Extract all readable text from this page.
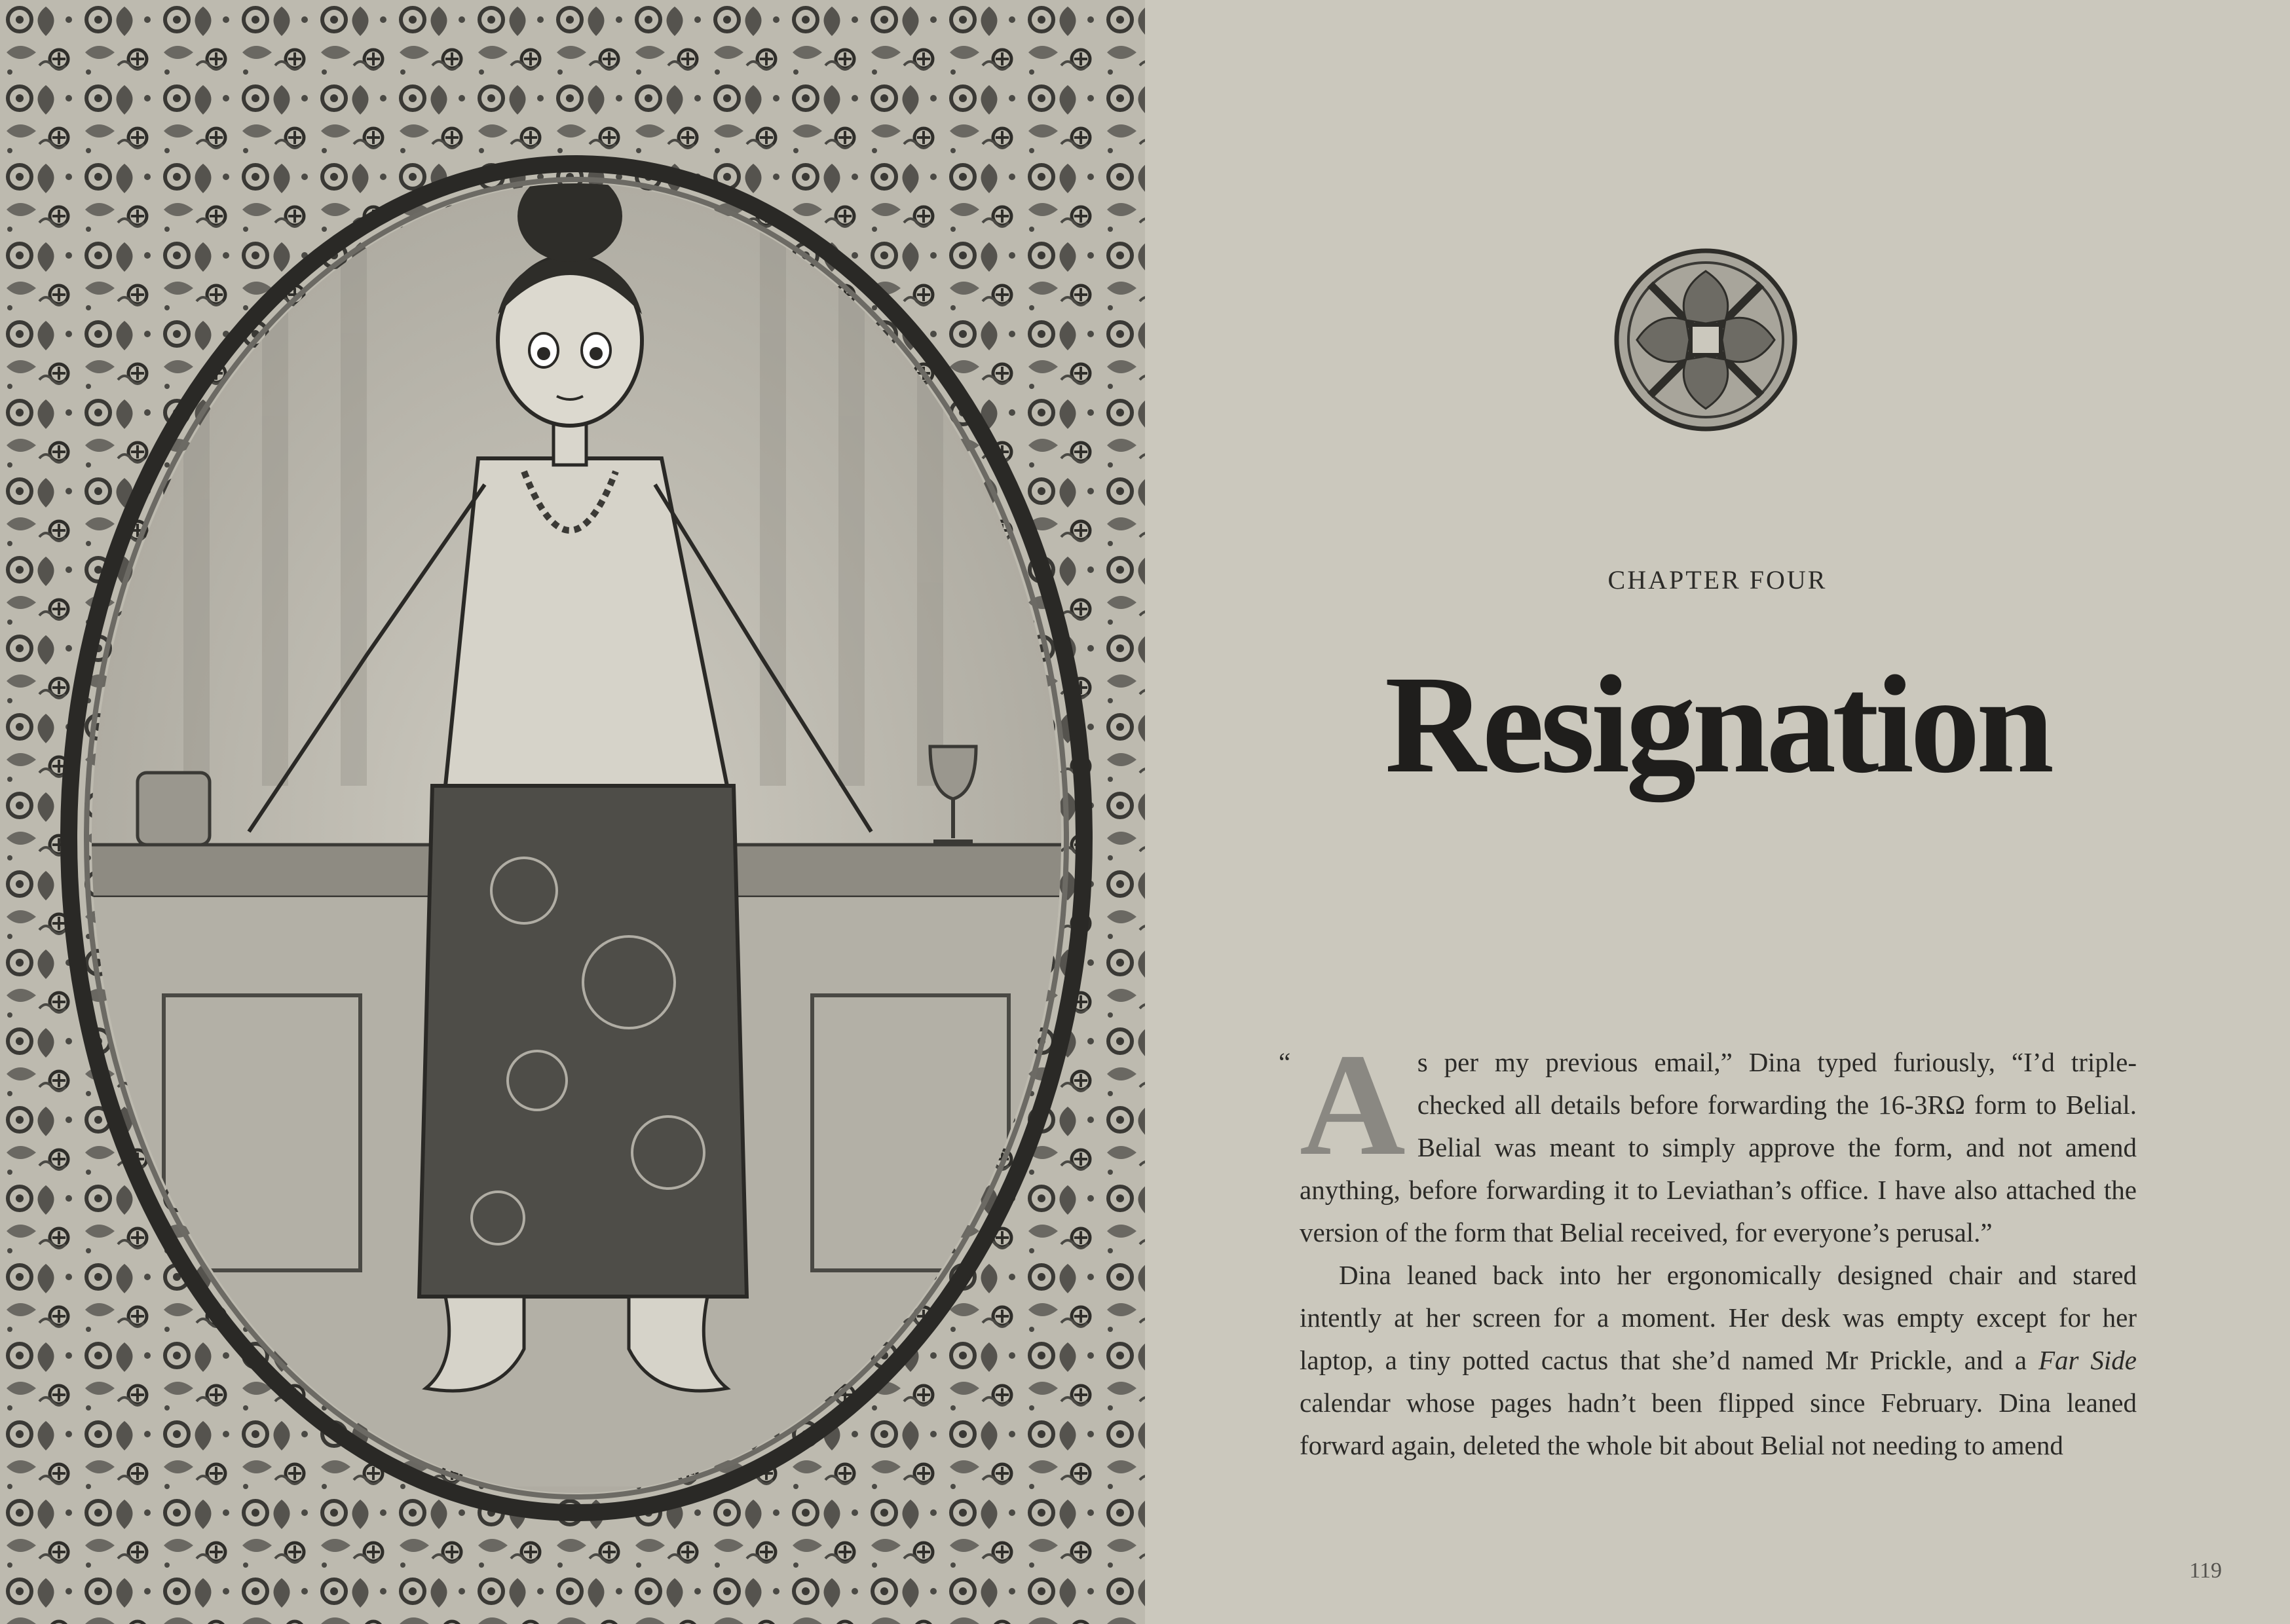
CHAPTER FOUR
Resignation

“ A s per my previous email,” Dina typed furiously, “I’d triple-checked all details before forwarding the 16-3RΩ form to Belial. Belial was meant to simply approve the form, and not amend anything, before forwarding it to Leviathan’s office. I have also attached the version of the form that Belial received, for everyone’s perusal.”

Dina leaned back into her ergonomically designed chair and stared intently at her screen for a moment. Her desk was empty except for her laptop, a tiny potted cactus that she’d named Mr Prickle, and a Far Side calendar whose pages hadn’t been flipped since February. Dina leaned forward again, deleted the whole bit about Belial not needing to amend

119
